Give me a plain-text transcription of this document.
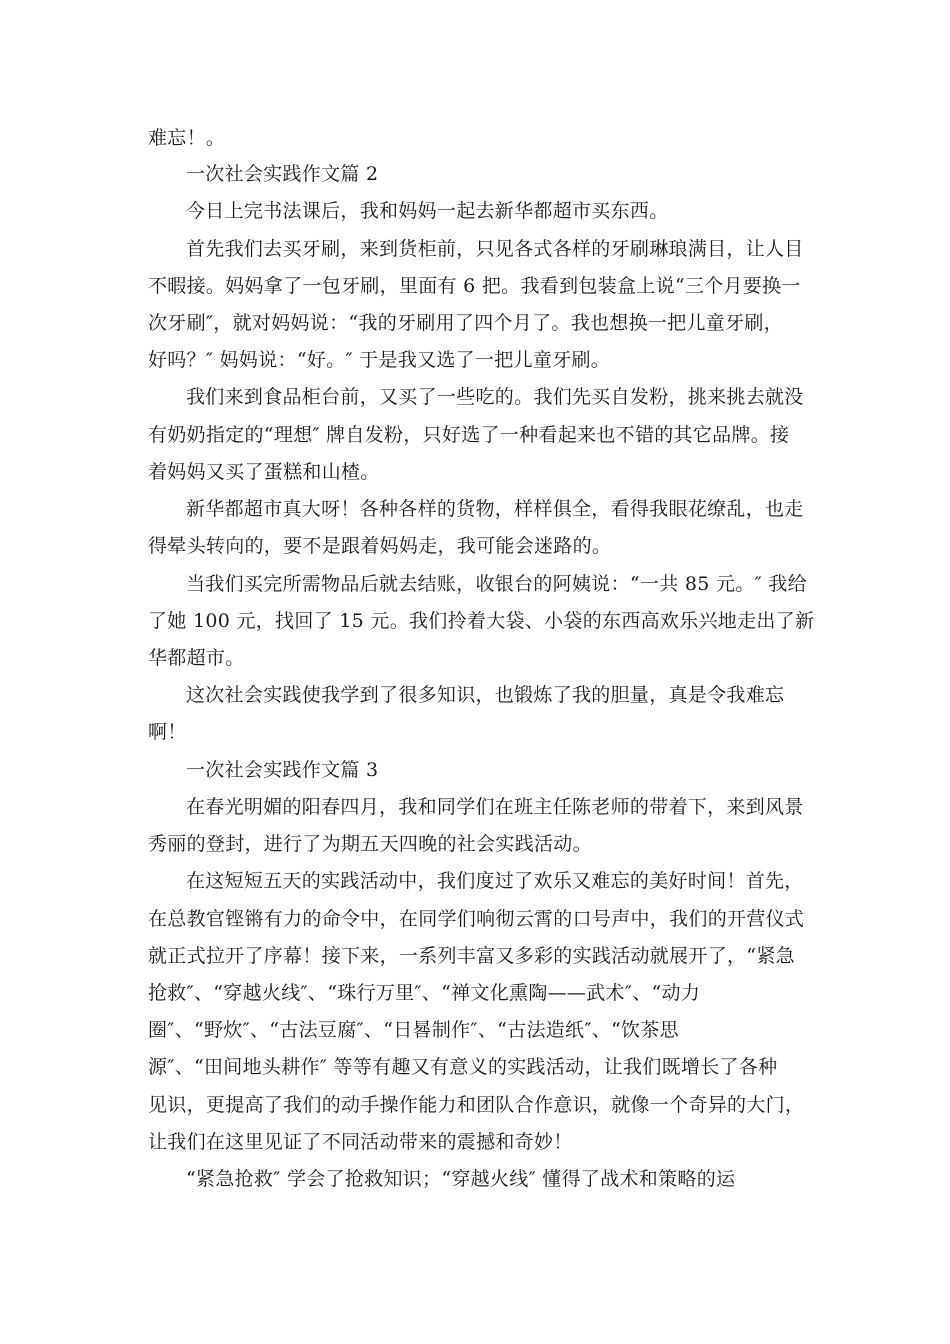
难忘！。
一次社会实践作文篇 2
今日上完书法课后，我和妈妈一起去新华都超市买东西。
首先我们去买牙刷，来到货柜前，只见各式各样的牙刷琳琅满目，让人目
不暇接。妈妈拿了一包牙刷，里面有 6 把。我看到包装盒上说“三个月要换一
次牙刷″，就对妈妈说：“我的牙刷用了四个月了。我也想换一把儿童牙刷，
好吗？″ 妈妈说：“好。″ 于是我又选了一把儿童牙刷。
我们来到食品柜台前，又买了一些吃的。我们先买自发粉，挑来挑去就没
有奶奶指定的“理想″ 牌自发粉，只好选了一种看起来也不错的其它品牌。接
着妈妈又买了蛋糕和山楂。
新华都超市真大呀！各种各样的货物，样样俱全，看得我眼花缭乱，也走
得晕头转向的，要不是跟着妈妈走，我可能会迷路的。
当我们买完所需物品后就去结账，收银台的阿姨说：“一共 85 元。″ 我给
了她 100 元，找回了 15 元。我们拎着大袋、小袋的东西高欢乐兴地走出了新
华都超市。
这次社会实践使我学到了很多知识，也锻炼了我的胆量，真是令我难忘
啊！
一次社会实践作文篇 3
在春光明媚的阳春四月，我和同学们在班主任陈老师的带着下，来到风景
秀丽的登封，进行了为期五天四晚的社会实践活动。
在这短短五天的实践活动中，我们度过了欢乐又难忘的美好时间！首先，
在总教官铿锵有力的命令中，在同学们响彻云霄的口号声中，我们的开营仪式
就正式拉开了序幕！接下来，一系列丰富又多彩的实践活动就展开了，“紧急
抢救″、“穿越火线″、“珠行万里″、“禅文化熏陶——武术″、“动力
圈″、“野炊″、“古法豆腐″、“日晷制作″、“古法造纸″、“饮茶思
源″、“田间地头耕作″ 等等有趣又有意义的实践活动，让我们既增长了各种
见识，更提高了我们的动手操作能力和团队合作意识，就像一个奇异的大门，
让我们在这里见证了不同活动带来的震撼和奇妙！
“紧急抢救″ 学会了抢救知识；“穿越火线″ 懂得了战术和策略的运
